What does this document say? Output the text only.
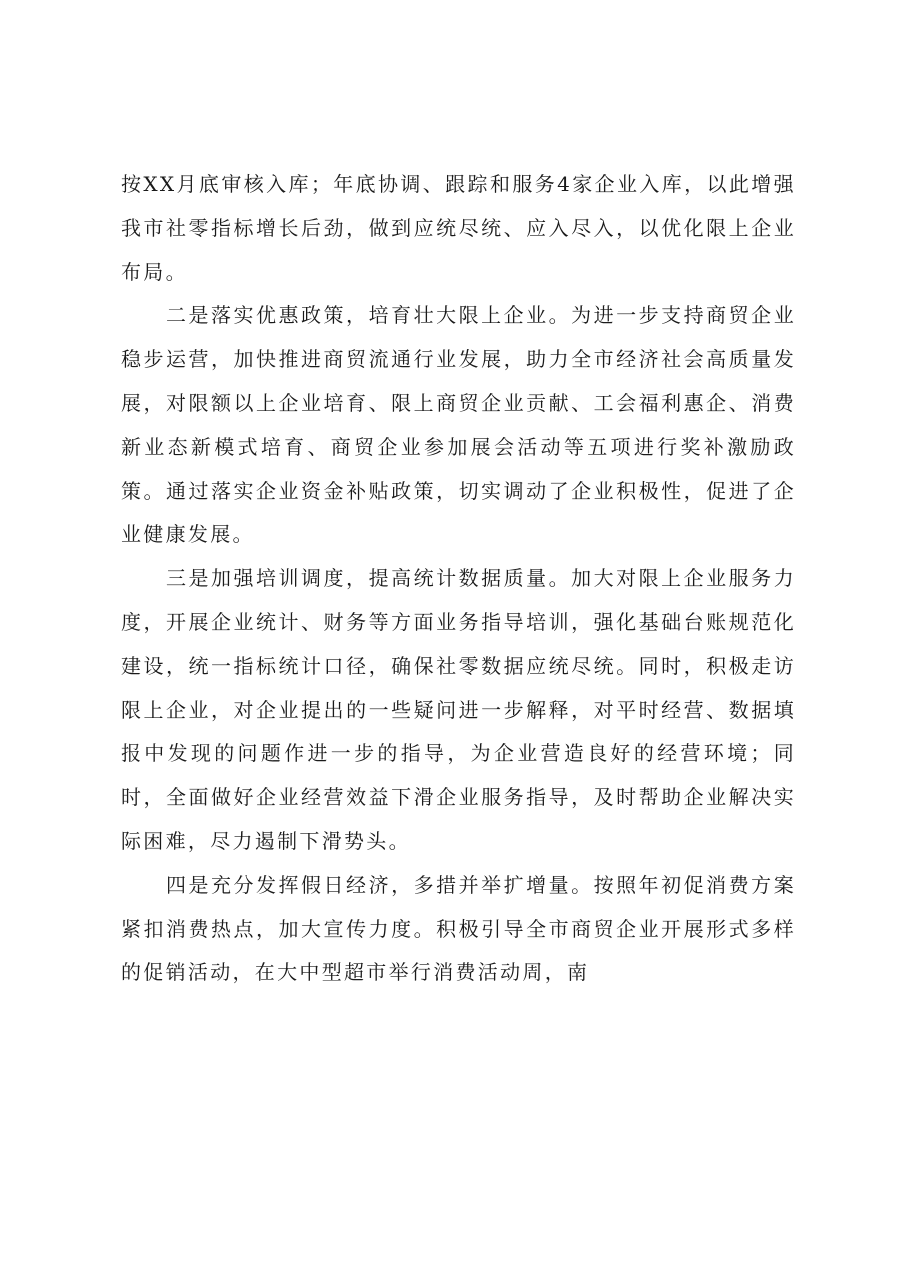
按XX月底审核入库；年底协调、跟踪和服务4家企业入库，以此增强我市社零指标增长后劲，做到应统尽统、应入尽入，以优化限上企业布局。

二是落实优惠政策，培育壮大限上企业。为进一步支持商贸企业稳步运营，加快推进商贸流通行业发展，助力全市经济社会高质量发展，对限额以上企业培育、限上商贸企业贡献、工会福利惠企、消费新业态新模式培育、商贸企业参加展会活动等五项进行奖补激励政策。通过落实企业资金补贴政策，切实调动了企业积极性，促进了企业健康发展。

三是加强培训调度，提高统计数据质量。加大对限上企业服务力度，开展企业统计、财务等方面业务指导培训，强化基础台账规范化建设，统一指标统计口径，确保社零数据应统尽统。同时，积极走访限上企业，对企业提出的一些疑问进一步解释，对平时经营、数据填报中发现的问题作进一步的指导，为企业营造良好的经营环境；同时，全面做好企业经营效益下滑企业服务指导，及时帮助企业解决实际困难，尽力遏制下滑势头。

四是充分发挥假日经济，多措并举扩增量。按照年初促消费方案紧扣消费热点，加大宣传力度。积极引导全市商贸企业开展形式多样的促销活动，在大中型超市举行消费活动周，南
